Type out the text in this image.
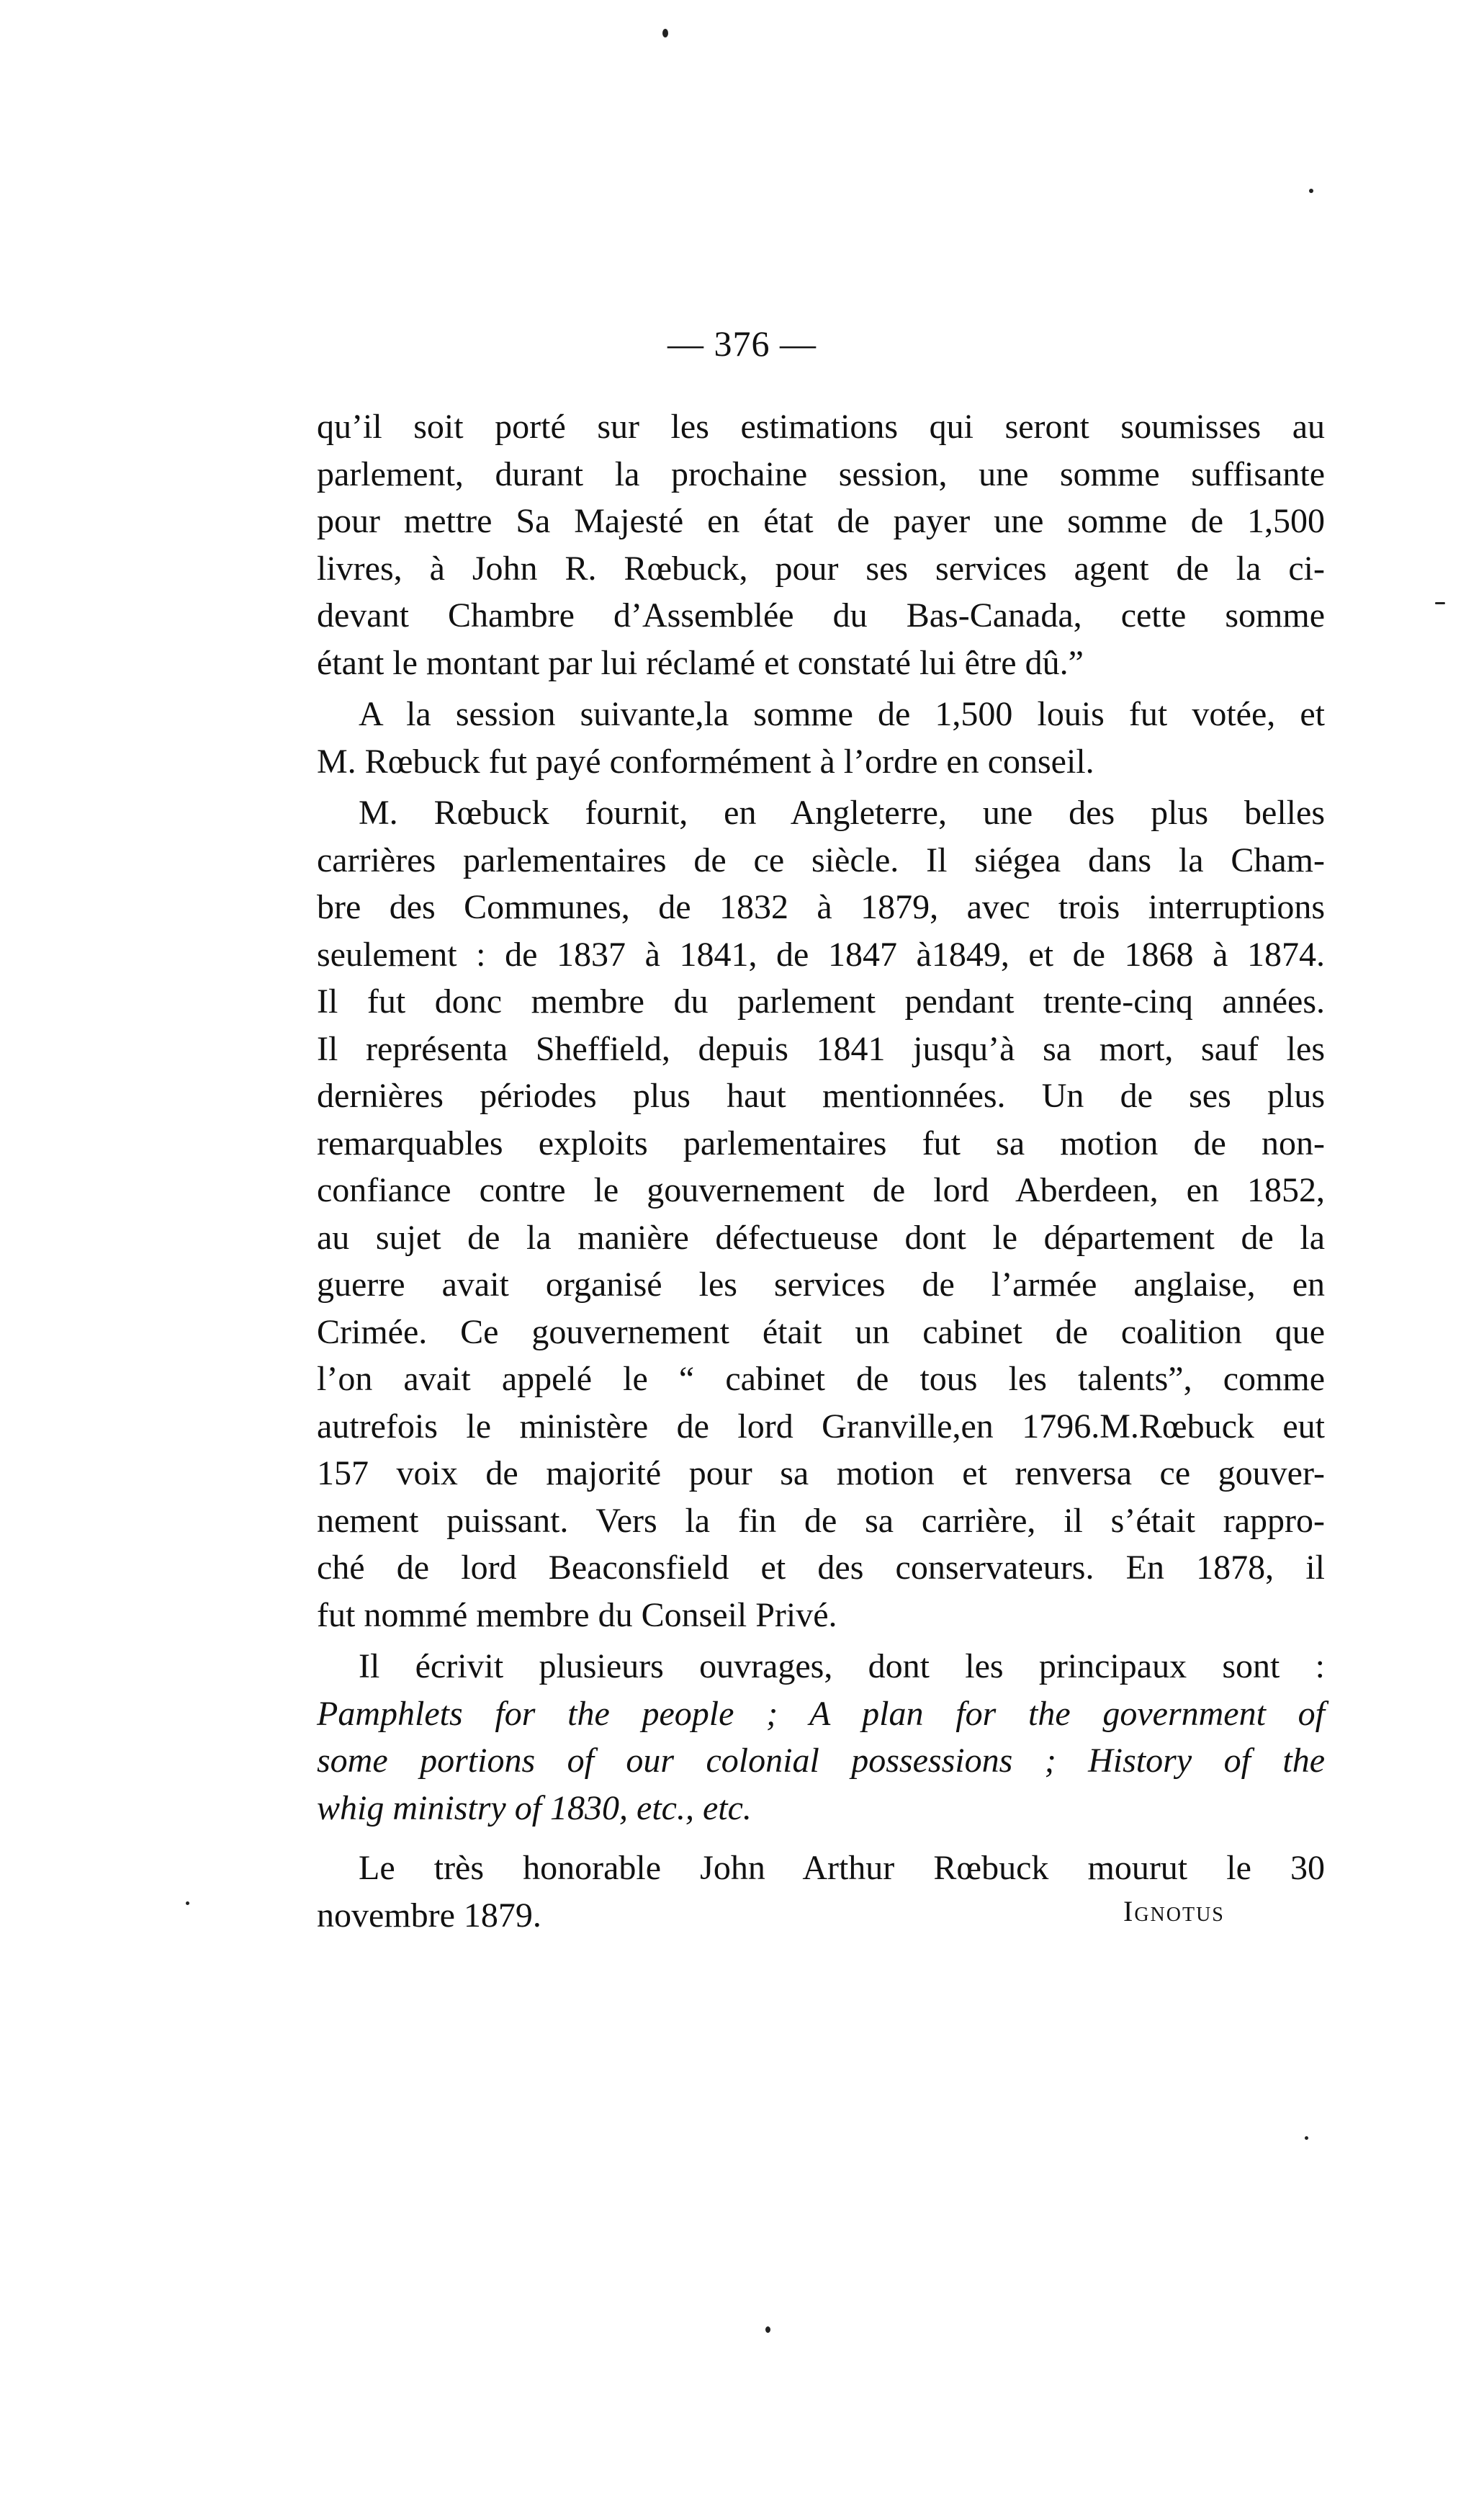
— 376 —

qu’il soit porté sur les estimations qui seront soumisses au
parlement, durant la prochaine session, une somme suffisante
pour mettre Sa Majesté en état de payer une somme de 1,500
livres, à John R. Rœbuck, pour ses services agent de la ci-
devant Chambre d’Assemblée du Bas-Canada, cette somme
étant le montant par lui réclamé et constaté lui être dû.”

A la session suivante,la somme de 1,500 louis fut votée, et
M. Rœbuck fut payé conformément à l’ordre en conseil.

M. Rœbuck fournit, en Angleterre, une des plus belles
carrières parlementaires de ce siècle. Il siégea dans la Cham-
bre des Communes, de 1832 à 1879, avec trois interruptions
seulement : de 1837 à 1841, de 1847 à1849, et de 1868 à 1874.
Il fut donc membre du parlement pendant trente-cinq années.
Il représenta Sheffield, depuis 1841 jusqu’à sa mort, sauf les
dernières périodes plus haut mentionnées. Un de ses plus
remarquables exploits parlementaires fut sa motion de non-
confiance contre le gouvernement de lord Aberdeen, en 1852,
au sujet de la manière défectueuse dont le département de la
guerre avait organisé les services de l’armée anglaise, en
Crimée. Ce gouvernement était un cabinet de coalition que
l’on avait appelé le “ cabinet de tous les talents”, comme
autrefois le ministère de lord Granville,en 1796.M.Rœbuck eut
157 voix de majorité pour sa motion et renversa ce gouver-
nement puissant. Vers la fin de sa carrière, il s’était rappro-
ché de lord Beaconsfield et des conservateurs. En 1878, il
fut nommé membre du Conseil Privé.

Il écrivit plusieurs ouvrages, dont les principaux sont :
Pamphlets for the people ; A plan for the government of
some portions of our colonial possessions ; History of the
whig ministry of 1830, etc., etc.

Le très honorable John Arthur Rœbuck mourut le 30
novembre 1879.	Ignotus
